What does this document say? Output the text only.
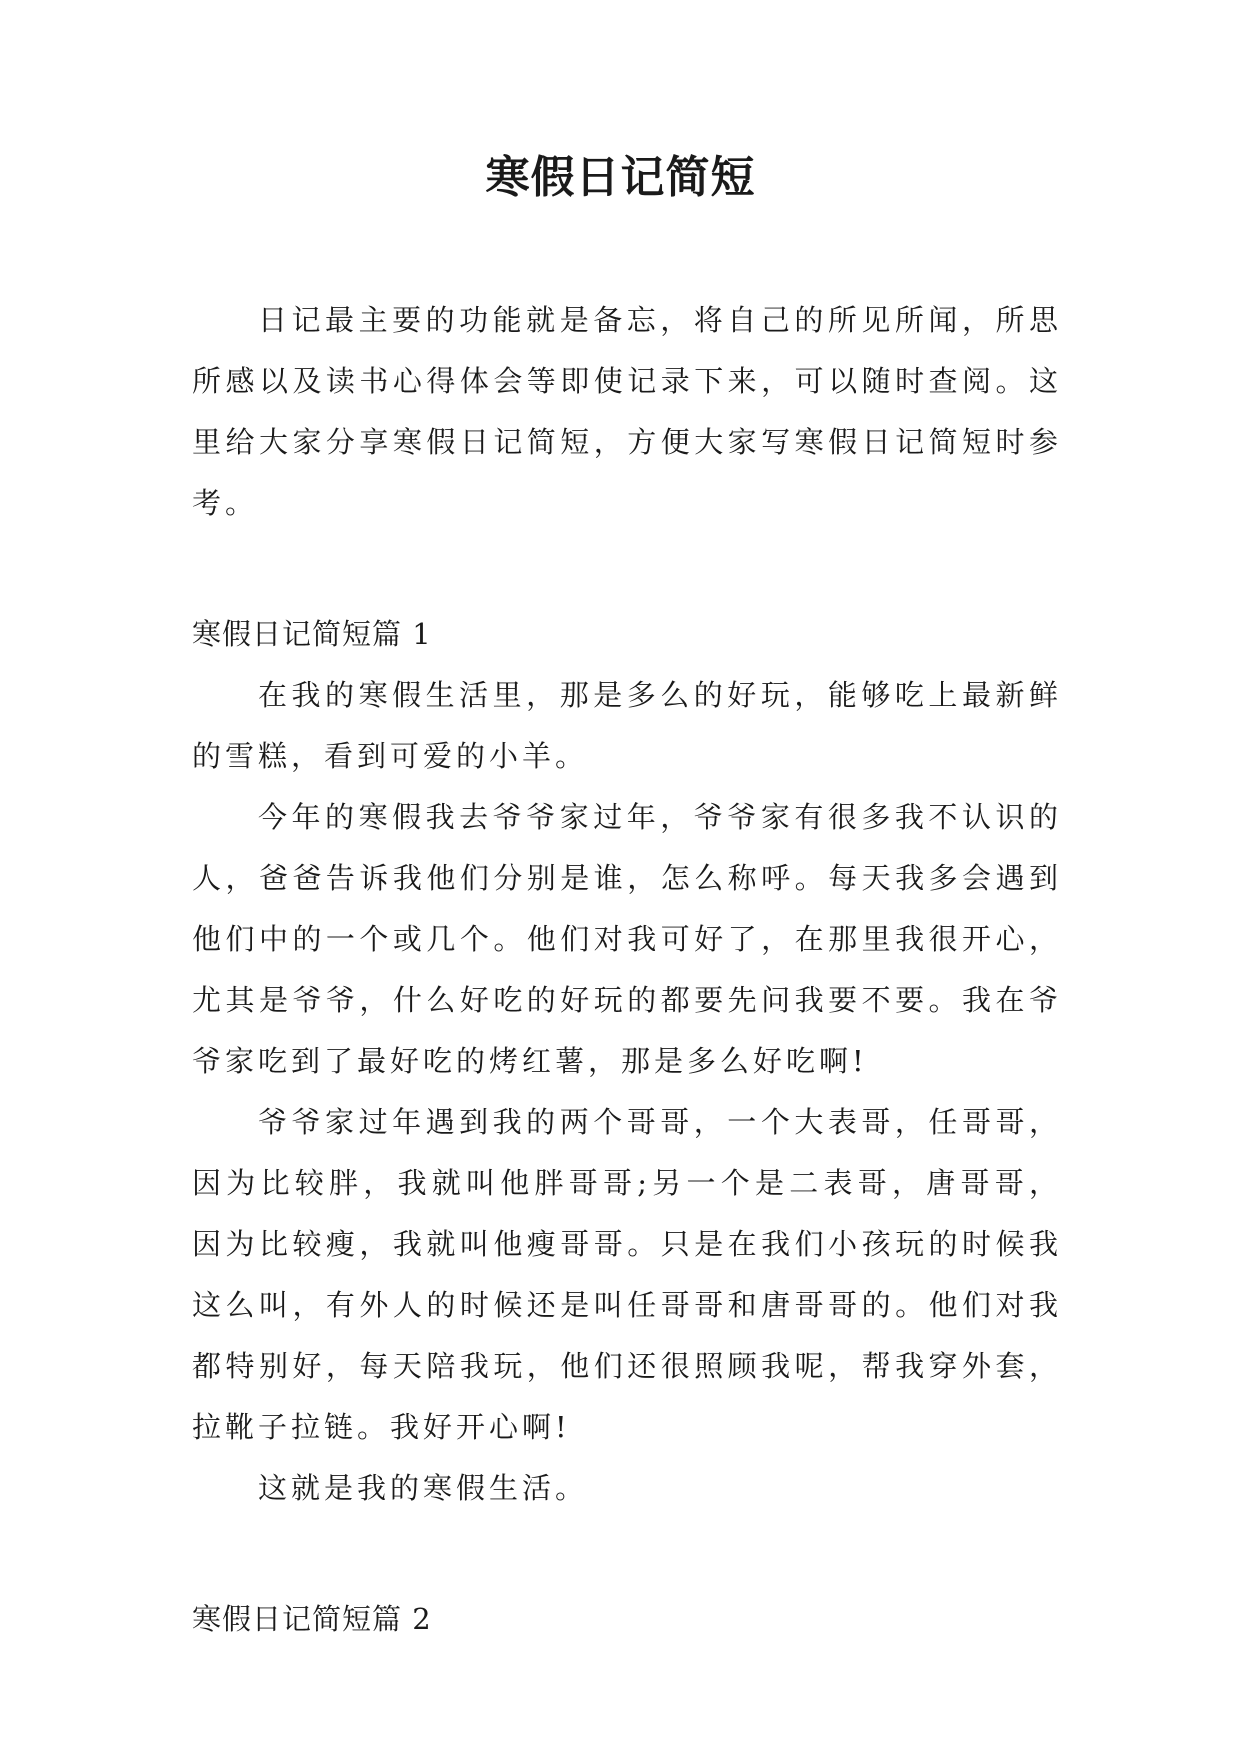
寒假日记简短

日记最主要的功能就是备忘，将自己的所见所闻，所思所感以及读书心得体会等即使记录下来，可以随时查阅。这里给大家分享寒假日记简短，方便大家写寒假日记简短时参考。

寒假日记简短篇 1

在我的寒假生活里，那是多么的好玩，能够吃上最新鲜的雪糕，看到可爱的小羊。

今年的寒假我去爷爷家过年，爷爷家有很多我不认识的人，爸爸告诉我他们分别是谁，怎么称呼。每天我多会遇到他们中的一个或几个。他们对我可好了，在那里我很开心，尤其是爷爷，什么好吃的好玩的都要先问我要不要。我在爷爷家吃到了最好吃的烤红薯，那是多么好吃啊!

爷爷家过年遇到我的两个哥哥，一个大表哥，任哥哥，因为比较胖，我就叫他胖哥哥;另一个是二表哥，唐哥哥，因为比较瘦，我就叫他瘦哥哥。只是在我们小孩玩的时候我这么叫，有外人的时候还是叫任哥哥和唐哥哥的。他们对我都特别好，每天陪我玩，他们还很照顾我呢，帮我穿外套，拉靴子拉链。我好开心啊!

这就是我的寒假生活。

寒假日记简短篇 2
